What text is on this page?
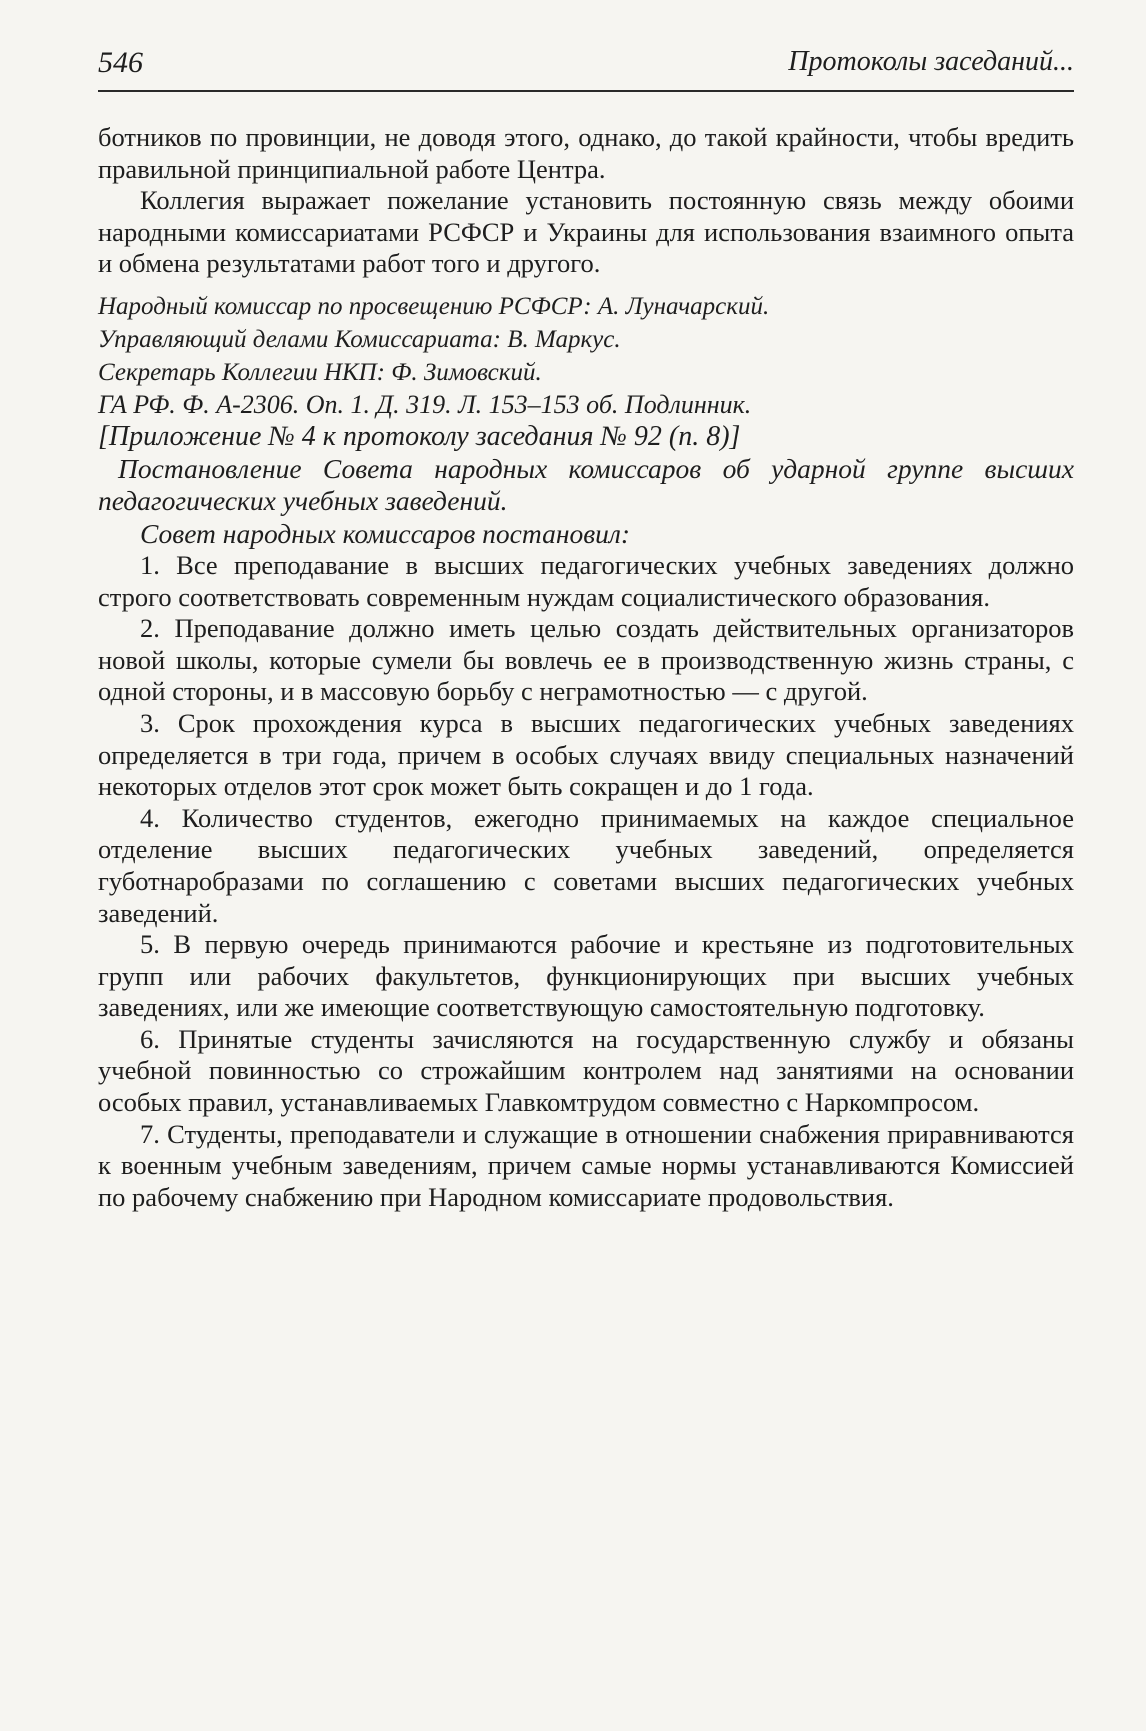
546	Протоколы заседаний...

ботников по провинции, не доводя этого, однако, до такой крайности, чтобы вредить правильной принципиальной работе Центра.

Коллегия выражает пожелание установить постоянную связь между обоими народными комиссариатами РСФСР и Украины для использования взаимного опыта и обмена результатами работ того и другого.

Народный комиссар по просвещению РСФСР: А. Луначарский.

Управляющий делами Комиссариата: В. Маркус.

Секретарь Коллегии НКП: Ф. Зимовский.

ГА РФ. Ф. А-2306. Оп. 1. Д. 319. Л. 153–153 об. Подлинник.

[Приложение № 4 к протоколу заседания № 92 (п. 8)]

Постановление Совета народных комиссаров об ударной группе высших педагогических учебных заведений.

Совет народных комиссаров постановил:

1. Все преподавание в высших педагогических учебных заведениях должно строго соответствовать современным нуждам социалистического образования.

2. Преподавание должно иметь целью создать действительных организаторов новой школы, которые сумели бы вовлечь ее в производственную жизнь страны, с одной стороны, и в массовую борьбу с неграмотностью — с другой.

3. Срок прохождения курса в высших педагогических учебных заведениях определяется в три года, причем в особых случаях ввиду специальных назначений некоторых отделов этот срок может быть сокращен и до 1 года.

4. Количество студентов, ежегодно принимаемых на каждое специальное отделение высших педагогических учебных заведений, определяется губотнаробразами по соглашению с советами высших педагогических учебных заведений.

5. В первую очередь принимаются рабочие и крестьяне из подготовительных групп или рабочих факультетов, функционирующих при высших учебных заведениях, или же имеющие соответствующую самостоятельную подготовку.

6. Принятые студенты зачисляются на государственную службу и обязаны учебной повинностью со строжайшим контролем над занятиями на основании особых правил, устанавливаемых Главкомтрудом совместно с Наркомпросом.

7. Студенты, преподаватели и служащие в отношении снабжения приравниваются к военным учебным заведениям, причем самые нормы устанавливаются Комиссией по рабочему снабжению при Народном комиссариате продовольствия.
